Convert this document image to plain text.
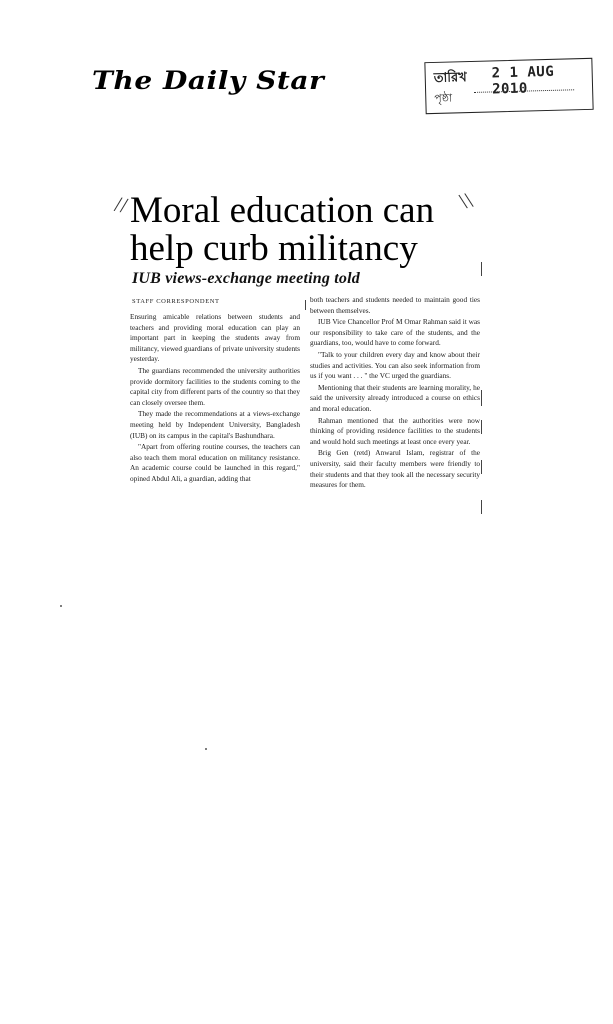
The Daily Star	তারিখ 2 1 AUG 2010
পৃষ্ঠা
//	\\
Moral education can
help curb militancy
IUB views-exchange meeting told
STAFF CORRESPONDENT

Ensuring amicable relations between students and teachers and providing moral education can play an important part in keeping the students away from militancy, viewed guardians of private university students yesterday.

The guardians recommended the university authorities provide dormitory facilities to the students coming to the capital city from different parts of the country so that they can closely oversee them.

They made the recommendations at a views-exchange meeting held by Independent University, Bangladesh (IUB) on its campus in the capital's Bashundhara.

"Apart from offering routine courses, the teachers can also teach them moral education on militancy resistance. An academic course could be launched in this regard," opined Abdul Ali, a guardian, adding that

both teachers and students needed to maintain good ties between themselves.

IUB Vice Chancellor Prof M Omar Rahman said it was our responsibility to take care of the students, and the guardians, too, would have to come forward.

"Talk to your children every day and know about their studies and activities. You can also seek information from us if you want . . . " the VC urged the guardians.

Mentioning that their students are learning morality, he said the university already introduced a course on ethics and moral education.

Rahman mentioned that the authorities were now thinking of providing residence facilities to the students and would hold such meetings at least once every year.

Brig Gen (retd) Anwarul Islam, registrar of the university, said their faculty members were friendly to their students and that they took all the necessary security measures for them.
